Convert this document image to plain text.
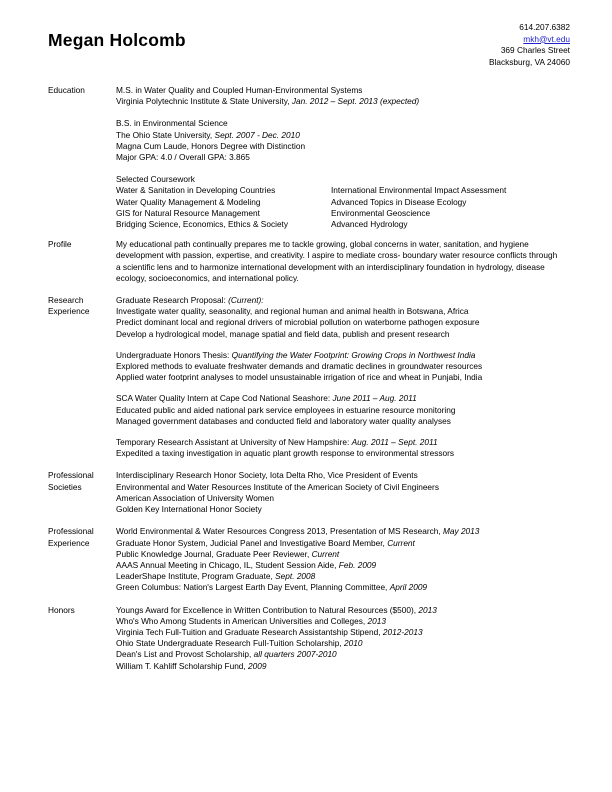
Megan Holcomb
614.207.6382
mkh@vt.edu
369 Charles Street
Blacksburg, VA 24060
Education	M.S. in Water Quality and Coupled Human-Environmental Systems
Virginia Polytechnic Institute & State University, Jan. 2012 – Sept. 2013 (expected)
B.S. in Environmental Science
The Ohio State University, Sept. 2007 - Dec. 2010
Magna Cum Laude, Honors Degree with Distinction
Major GPA: 4.0 / Overall GPA: 3.865
Selected Coursework
Water & Sanitation in Developing Countries	International Environmental Impact Assessment
Water Quality Management & Modeling	Advanced Topics in Disease Ecology
GIS for Natural Resource Management	Environmental Geoscience
Bridging Science, Economics, Ethics & Society	Advanced Hydrology
Profile	My educational path continually prepares me to tackle growing, global concerns in water, sanitation, and hygiene development with passion, expertise, and creativity. I aspire to mediate cross- boundary water resource conflicts through a scientific lens and to harmonize international development with an interdisciplinary foundation in hydrology, disease ecology, socioeconomics, and international policy.
Research
Experience
Graduate Research Proposal: (Current):
Investigate water quality, seasonality, and regional human and animal health in Botswana, Africa
Predict dominant local and regional drivers of microbial pollution on waterborne pathogen exposure
Develop a hydrological model, manage spatial and field data, publish and present research
Undergraduate Honors Thesis: Quantifying the Water Footprint: Growing Crops in Northwest India
Explored methods to evaluate freshwater demands and dramatic declines in groundwater resources
Applied water footprint analyses to model unsustainable irrigation of rice and wheat in Punjabi, India
SCA Water Quality Intern at Cape Cod National Seashore: June 2011 – Aug. 2011
Educated public and aided national park service employees in estuarine resource monitoring
Managed government databases and conducted field and laboratory water quality analyses
Temporary Research Assistant at University of New Hampshire: Aug. 2011 – Sept. 2011
Expedited a taxing investigation in aquatic plant growth response to environmental stressors
Professional
Societies
Interdisciplinary Research Honor Society, Iota Delta Rho, Vice President of Events
Environmental and Water Resources Institute of the American Society of Civil Engineers
American Association of University Women
Golden Key International Honor Society
Professional
Experience
World Environmental & Water Resources Congress 2013, Presentation of MS Research, May 2013
Graduate Honor System, Judicial Panel and Investigative Board Member, Current
Public Knowledge Journal, Graduate Peer Reviewer, Current
AAAS Annual Meeting in Chicago, IL, Student Session Aide, Feb. 2009
LeaderShape Institute, Program Graduate, Sept. 2008
Green Columbus: Nation's Largest Earth Day Event, Planning Committee, April 2009
Honors	Youngs Award for Excellence in Written Contribution to Natural Resources ($500), 2013
Who's Who Among Students in American Universities and Colleges, 2013
Virginia Tech Full-Tuition and Graduate Research Assistantship Stipend, 2012-2013
Ohio State Undergraduate Research Full-Tuition Scholarship, 2010
Dean's List and Provost Scholarship, all quarters 2007-2010
William T. Kahliff Scholarship Fund, 2009
